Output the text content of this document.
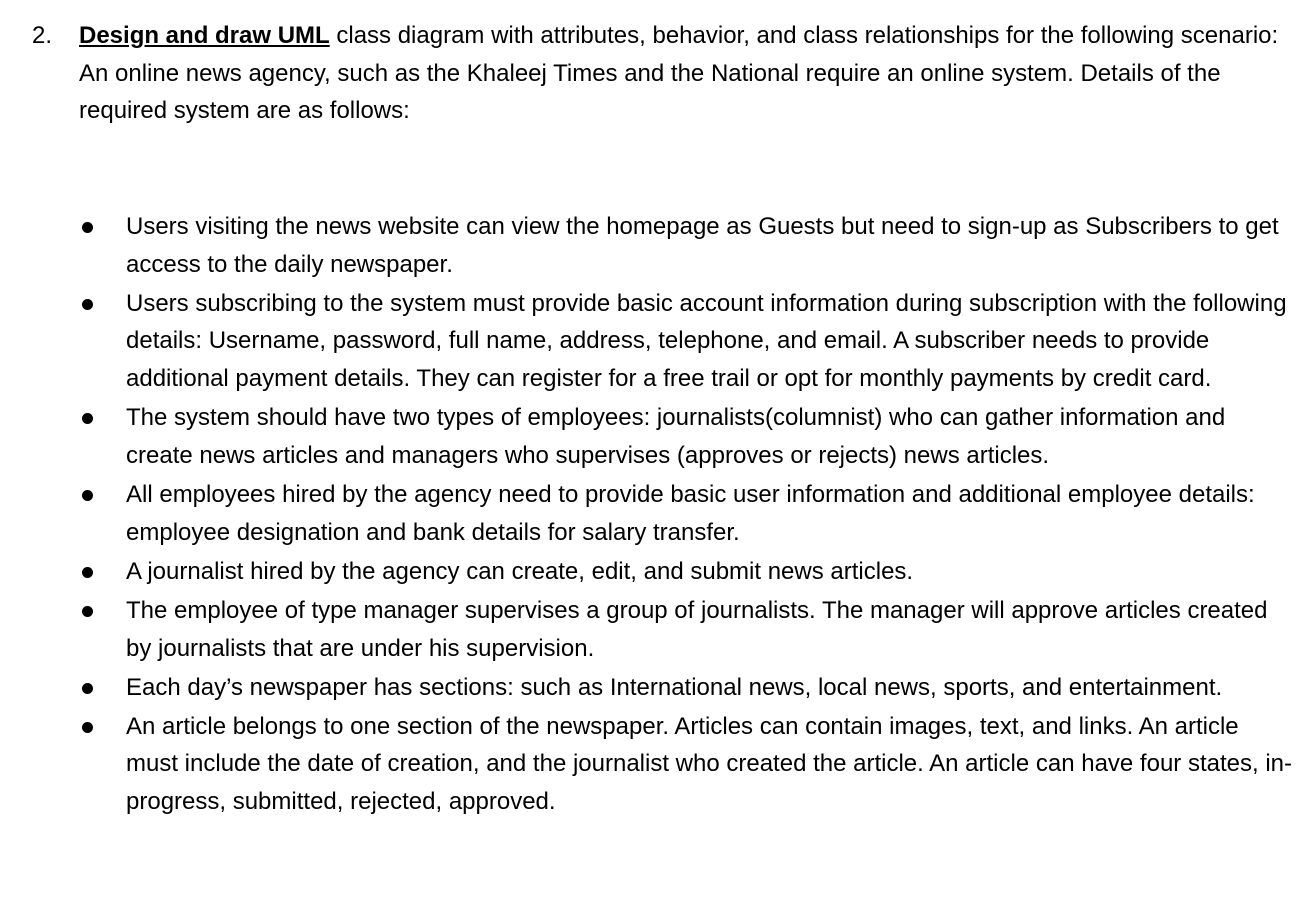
2. Design and draw UML class diagram with attributes, behavior, and class relationships for the following scenario:

An online news agency, such as the Khaleej Times and the National require an online system. Details of the required system are as follows:

Users visiting the news website can view the homepage as Guests but need to sign-up as Subscribers to get access to the daily newspaper.
Users subscribing to the system must provide basic account information during subscription with the following details: Username, password, full name, address, telephone, and email. A subscriber needs to provide additional payment details. They can register for a free trail or opt for monthly payments by credit card.
The system should have two types of employees: journalists(columnist) who can gather information and create news articles and managers who supervises (approves or rejects) news articles.
All employees hired by the agency need to provide basic user information and additional employee details: employee designation and bank details for salary transfer.
A journalist hired by the agency can create, edit, and submit news articles.
The employee of type manager supervises a group of journalists. The manager will approve articles created by journalists that are under his supervision.
Each day’s newspaper has sections: such as International news, local news, sports, and entertainment.
An article belongs to one section of the newspaper. Articles can contain images, text, and links. An article must include the date of creation, and the journalist who created the article. An article can have four states, in-progress, submitted, rejected, approved.
